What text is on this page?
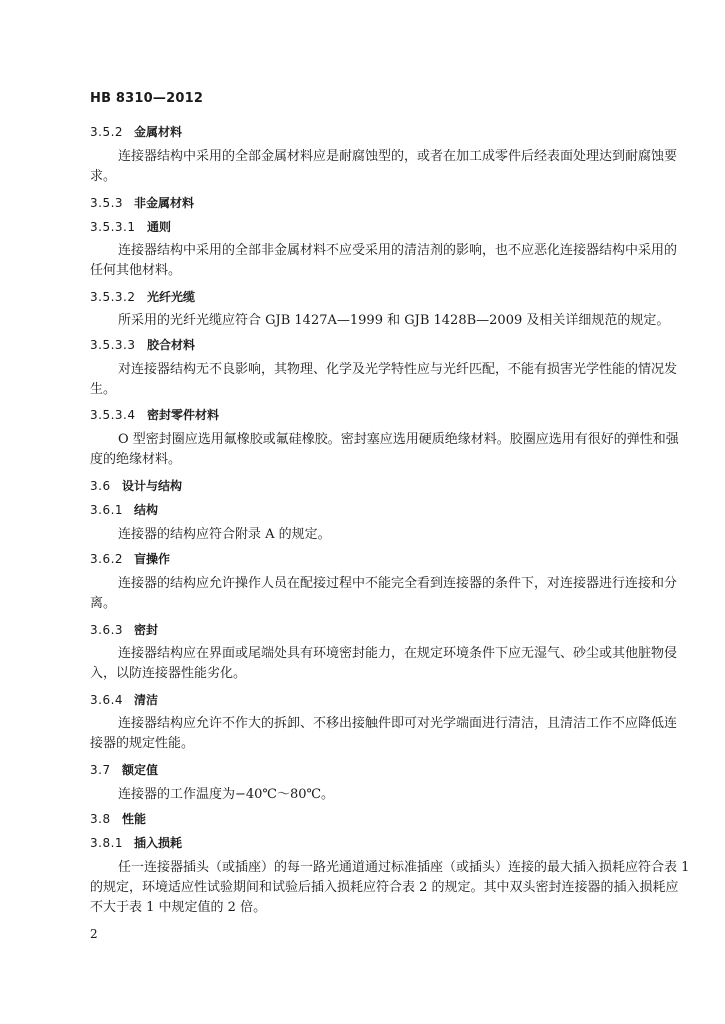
HB 8310—2012
3.5.2 金属材料
连接器结构中采用的全部金属材料应是耐腐蚀型的，或者在加工成零件后经表面处理达到耐腐蚀要
求。
3.5.3 非金属材料
3.5.3.1 通则
连接器结构中采用的全部非金属材料不应受采用的清洁剂的影响，也不应恶化连接器结构中采用的
任何其他材料。
3.5.3.2 光纤光缆
所采用的光纤光缆应符合 GJB 1427A—1999 和 GJB 1428B—2009 及相关详细规范的规定。
3.5.3.3 胶合材料
对连接器结构无不良影响，其物理、化学及光学特性应与光纤匹配，不能有损害光学性能的情况发
生。
3.5.3.4 密封零件材料
O 型密封圈应选用氟橡胶或氟硅橡胶。密封塞应选用硬质绝缘材料。胶圈应选用有很好的弹性和强
度的绝缘材料。
3.6 设计与结构
3.6.1 结构
连接器的结构应符合附录 A 的规定。
3.6.2 盲操作
连接器的结构应允许操作人员在配接过程中不能完全看到连接器的条件下，对连接器进行连接和分
离。
3.6.3 密封
连接器结构应在界面或尾端处具有环境密封能力，在规定环境条件下应无湿气、砂尘或其他脏物侵
入，以防连接器性能劣化。
3.6.4 清洁
连接器结构应允许不作大的拆卸、不移出接触件即可对光学端面进行清洁，且清洁工作不应降低连
接器的规定性能。
3.7 额定值
连接器的工作温度为−40℃～80℃。
3.8 性能
3.8.1 插入损耗
任一连接器插头（或插座）的每一路光通道通过标准插座（或插头）连接的最大插入损耗应符合表 1
的规定，环境适应性试验期间和试验后插入损耗应符合表 2 的规定。其中双头密封连接器的插入损耗应
不大于表 1 中规定值的 2 倍。
2
